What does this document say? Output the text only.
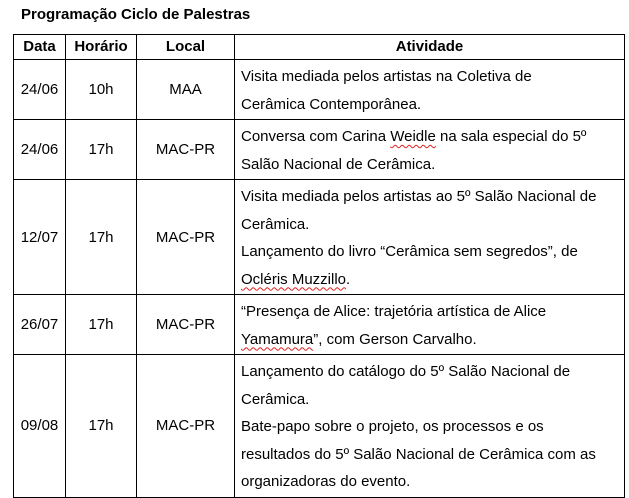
Programação Ciclo de Palestras
Data	Horário	Local	Atividade
24/06	10h	MAA	Visita mediada pelos artistas na Coletiva de
Cerâmica Contemporânea.

24/06	17h	MAC-PR	Conversa com Carina Weidle na sala especial do 5º
Salão Nacional de Cerâmica.

12/07	17h	MAC-PR	Visita mediada pelos artistas ao 5º Salão Nacional de
Cerâmica.
Lançamento do livro “Cerâmica sem segredos”, de
Ocléris Muzzillo.

26/07	17h	MAC-PR	“Presença de Alice: trajetória artística de Alice
Yamamura”, com Gerson Carvalho.

09/08	17h	MAC-PR	Lançamento do catálogo do 5º Salão Nacional de
Cerâmica.
Bate-papo sobre o projeto, os processos e os
resultados do 5º Salão Nacional de Cerâmica com as
organizadoras do evento.
